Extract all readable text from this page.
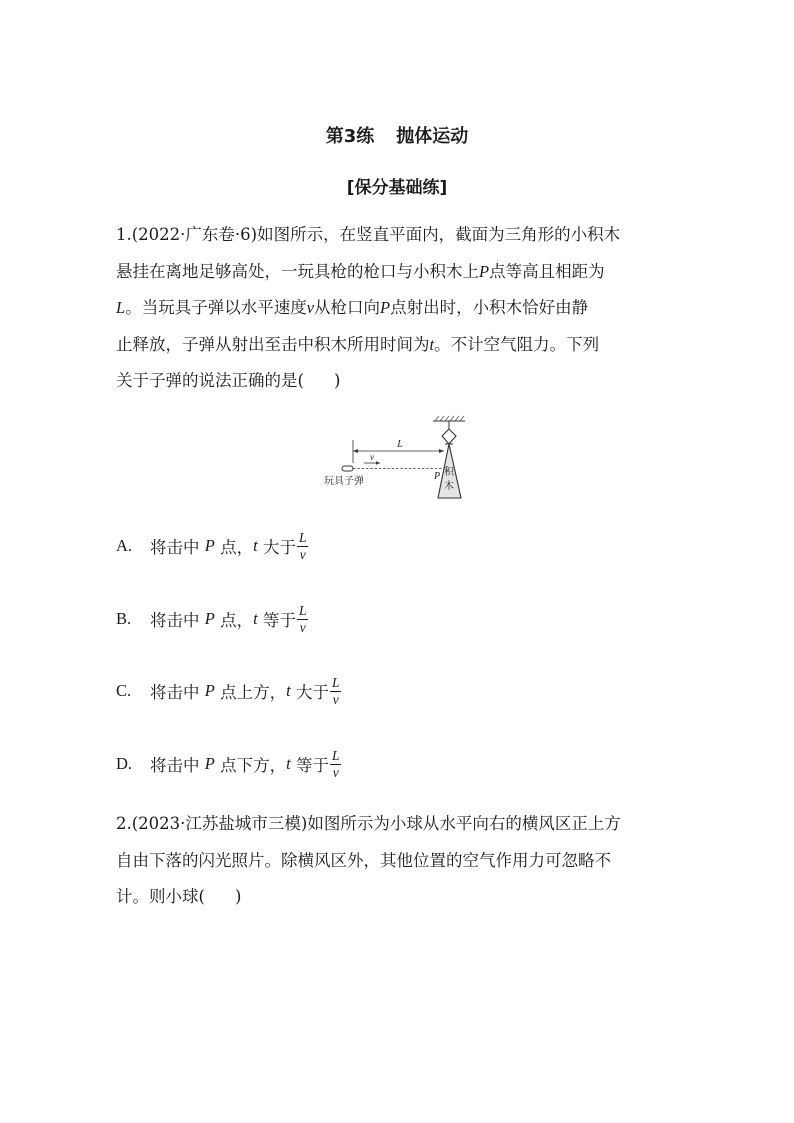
第3练 抛体运动
[保分基础练]
1.(2022·广东卷·6)如图所示，在竖直平面内，截面为三角形的小积木
悬挂在离地足够高处，一玩具枪的枪口与小积木上P点等高且相距为
L。当玩具子弹以水平速度v从枪口向P点射出时，小积木恰好由静
止释放，子弹从射出至击中积木所用时间为t。不计空气阻力。下列
关于子弹的说法正确的是( )
积
木
P
L
v
玩具子弹
A.	将击中
P
点， t
大于 $\frac{L}{v}$
B.	将击中
P
点， t
等于 $\frac{L}{v}$
C.	将击中
P
点上方， t
大于 $\frac{L}{v}$
D.	将击中
P
点下方， t
等于 $\frac{L}{v}$
2.(2023·江苏盐城市三模)如图所示为小球从水平向右的横风区正上方
自由下落的闪光照片。除横风区外，其他位置的空气作用力可忽略不
计。则小球( )
